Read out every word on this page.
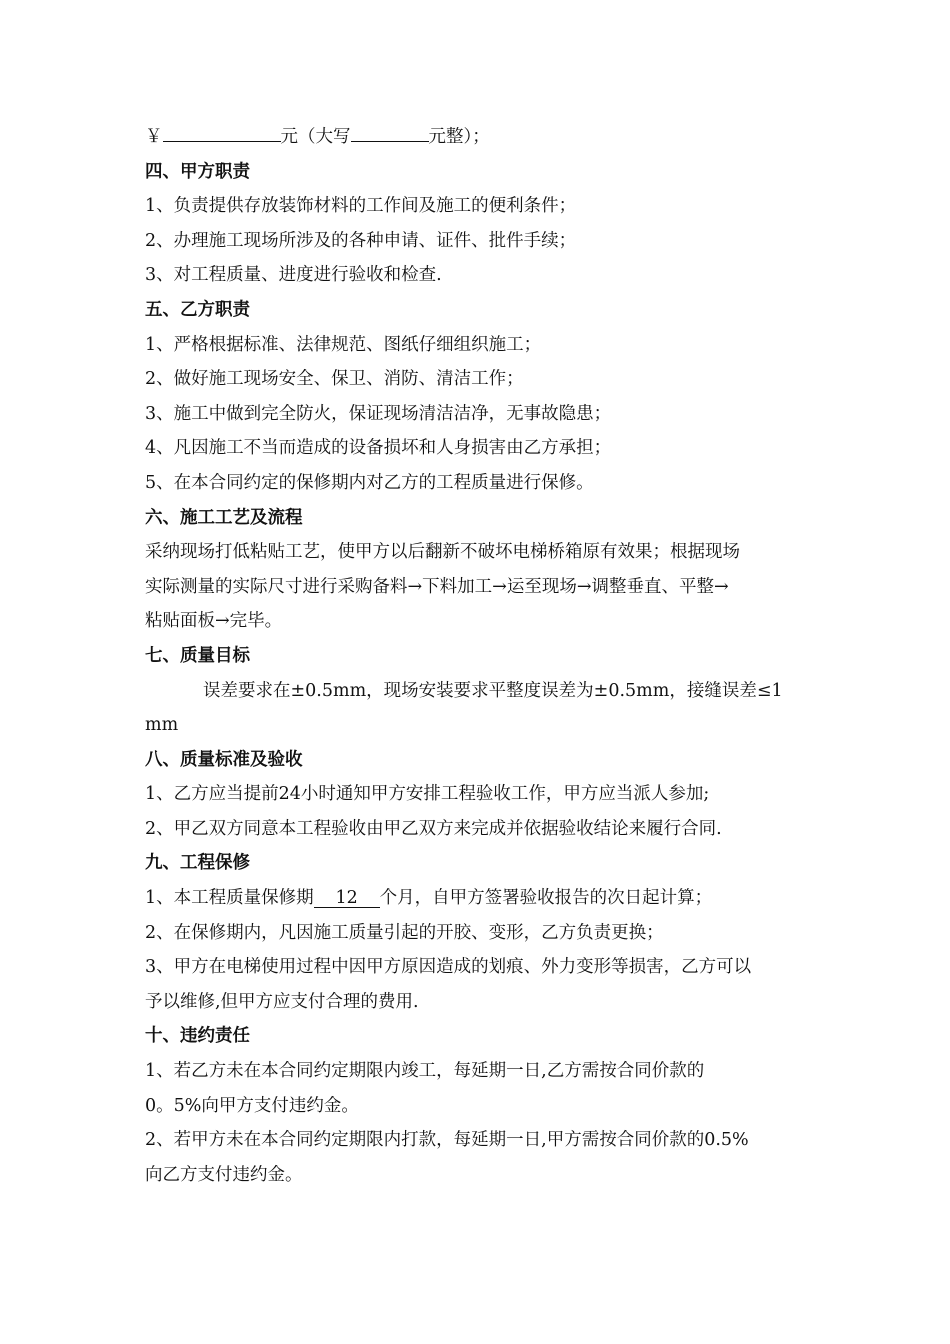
￥	元（大写	元整）；
四、甲方职责
1、负责提供存放装饰材料的工作间及施工的便利条件；
2、办理施工现场所涉及的各种申请、证件、批件手续；
3、对工程质量、进度进行验收和检查.
五、乙方职责
1、严格根据标准、法律规范、图纸仔细组织施工；
2、做好施工现场安全、保卫、消防、清洁工作；
3、施工中做到完全防火，保证现场清洁洁净，无事故隐患；
4、凡因施工不当而造成的设备损坏和人身损害由乙方承担；
5、在本合同约定的保修期内对乙方的工程质量进行保修。
六、施工工艺及流程
采纳现场打低粘贴工艺，使甲方以后翻新不破坏电梯桥箱原有效果；根据现场
实际测量的实际尺寸进行采购备料→下料加工→运至现场→调整垂直、平整→
粘贴面板→完毕。
七、质量目标
误差要求在±0.5mm，现场安装要求平整度误差为±0.5mm，接缝误差≤1
mm
八、质量标准及验收
1、乙方应当提前24小时通知甲方安排工程验收工作，甲方应当派人参加;
2、甲乙双方同意本工程验收由甲乙双方来完成并依据验收结论来履行合同.
九、工程保修
1、本工程质量保修期 12 个月，自甲方签署验收报告的次日起计算；
2、在保修期内，凡因施工质量引起的开胶、变形，乙方负责更换；
3、甲方在电梯使用过程中因甲方原因造成的划痕、外力变形等损害，乙方可以
予以维修,但甲方应支付合理的费用.
十、违约责任
1、若乙方未在本合同约定期限内竣工，每延期一日,乙方需按合同价款的
0。5%向甲方支付违约金。
2、若甲方未在本合同约定期限内打款，每延期一日,甲方需按合同价款的0.5%
向乙方支付违约金。
